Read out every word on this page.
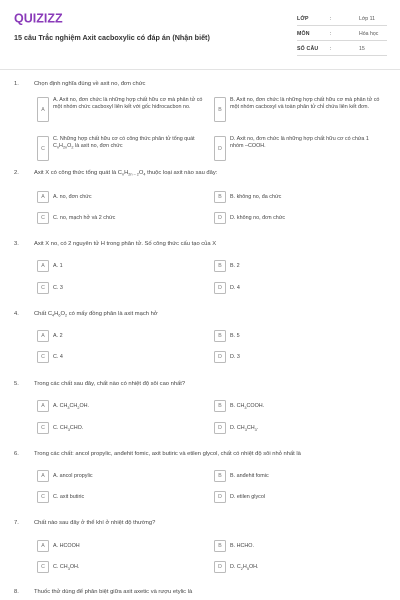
QUIZIZZ
15 câu Trắc nghiệm Axit cacboxylic có đáp án (Nhận biết)
LỚP	:	Lớp 11
MÔN	:	Hóa học
SỐ CÂU :	15
1.	Chọn định nghĩa đúng về axit no, đơn chức
A
A. Axit no, đơn chức là những hợp chất hữu cơ mà phân tử có một nhóm chức cacboxyl liên kết với gốc hiđrocacbon no.	B
B. Axit no, đơn chức là những hợp chất hữu cơ mà phân tử có một nhóm cacboxyl và toàn phân tử chỉ chứa liên kết đơn.
C
C. Những hợp chất hữu cơ có công thức phân tử tổng quát $C_nH_{2n}O_2$ là axit no, đơn chức	D
D. Axit no, đơn chức là những hợp chất hữu cơ có chứa 1 nhóm –COOH.
2.	Axit X có công thức tổng quát là $C_nH_{2n - 2}O_4$ thuộc loại axit nào sau đây:
A	A. no, đơn chức	B	B. không no, đa chức
C	C. no, mạch hở và 2 chức	D	D. không no, đơn chức
3.	Axit X no, có 2 nguyên tử H trong phân tử. Số công thức cấu tạo của X
A	A. 1	B	B. 2
C	C. 3	D	D. 4
4.	Chất $C_4H_6O_2$ có mấy đồng phân là axit mạch hở
A	A. 2	B	B. 5
C	C. 4	D	D. 3
5.	Trong các chất sau đây, chất nào có nhiệt độ sôi cao nhất?
A	A. $CH_3CH_2OH$.	B	B. $CH_3COOH$.
C	C. $CH_3CHO$.	D	D. $CH_3CH_3$.
6.	Trong các chất: ancol propylic, anđehit fomic, axit butiric và etilen glycol, chất có nhiệt độ sôi nhỏ nhất là
A	A. ancol propylic	B	B. anđehit fomic
C	C. axit butiric	D	D. etilen glycol
7.	Chất nào sau đây ở thể khí ở nhiệt độ thường?
A	A. HCOOH	B	B. HCHO.
C	C. $CH_3OH$.	D	D. $C_2H_5OH$.
8.	Thuốc thử dùng để phân biệt giữa axit axetic và rượu etylic là
